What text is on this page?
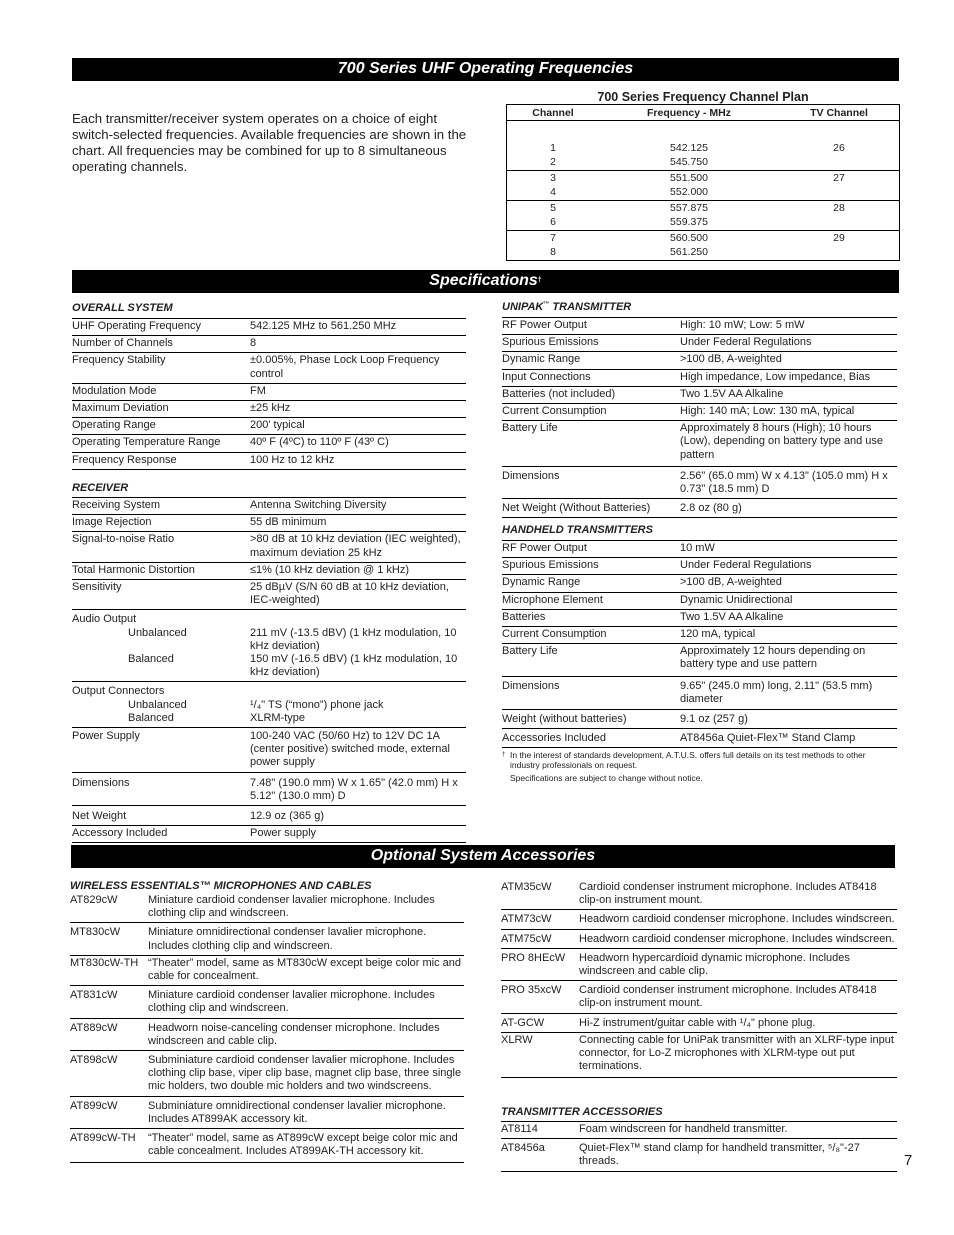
700 Series UHF Operating Frequencies
Each transmitter/receiver system operates on a choice of eight switch-selected frequencies. Available frequencies are shown in the chart. All frequencies may be combined for up to 8 simultaneous operating channels.
700 Series Frequency Channel Plan
Channel	Frequency - MHz	TV Channel

1	542.125	26
2	545.750	
3	551.500	27
4	552.000	
5	557.875	28
6	559.375	
7	560.500	29
8	561.250	
Specifications†
OVERALL SYSTEM
UHF Operating Frequency	542.125 MHz to 561.250 MHz
Number of Channels	8
Frequency Stability	±0.005%, Phase Lock Loop Frequency control
Modulation Mode	FM
Maximum Deviation	±25 kHz
Operating Range	200' typical
Operating Temperature Range	40º F (4ºC) to 110º F (43º C)
Frequency Response	100 Hz to 12 kHz
RECEIVER
Receiving System	Antenna Switching Diversity
Image Rejection	55 dB minimum
Signal-to-noise Ratio	>80 dB at 10 kHz deviation (IEC weighted), maximum deviation 25 kHz
Total Harmonic Distortion	≤1% (10 kHz deviation @ 1 kHz)
Sensitivity	25 dBµV (S/N 60 dB at 10 kHz deviation, IEC-weighted)
Audio Output
Unbalanced	211 mV (-13.5 dBV) (1 kHz modulation, 10 kHz deviation)
Balanced	150 mV (-16.5 dBV) (1 kHz modulation, 10 kHz deviation)
Output Connectors
Unbalanced	¹/₄" TS (“mono”) phone jack
Balanced	XLRM-type
Power Supply	100-240 VAC (50/60 Hz) to 12V DC 1A (center positive) switched mode, external power supply
Dimensions	7.48" (190.0 mm) W x 1.65" (42.0 mm) H x 5.12" (130.0 mm) D
Net Weight	12.9 oz (365 g)
Accessory Included	Power supply
UNIPAK™ TRANSMITTER
RF Power Output	High: 10 mW; Low: 5 mW
Spurious Emissions	Under Federal Regulations
Dynamic Range	>100 dB, A-weighted
Input Connections	High impedance, Low impedance, Bias
Batteries (not included)	Two 1.5V AA Alkaline
Current Consumption	High: 140 mA; Low: 130 mA, typical
Battery Life	Approximately 8 hours (High); 10 hours (Low), depending on battery type and use pattern
Dimensions	2.56" (65.0 mm) W x 4.13" (105.0 mm) H x 0.73" (18.5 mm) D
Net Weight (Without Batteries)	2.8 oz (80 g)
HANDHELD TRANSMITTERS
RF Power Output	10 mW
Spurious Emissions	Under Federal Regulations
Dynamic Range	>100 dB, A-weighted
Microphone Element	Dynamic Unidirectional
Batteries	Two 1.5V AA Alkaline
Current Consumption	120 mA, typical
Battery Life	Approximately 12 hours depending on battery type and use pattern
Dimensions	9.65" (245.0 mm) long, 2.11" (53.5 mm) diameter
Weight (without batteries)	9.1 oz (257 g)
Accessories Included	AT8456a Quiet-Flex™ Stand Clamp
† In the interest of standards development, A.T.U.S. offers full details on its test methods to other industry professionals on request.
Specifications are subject to change without notice.
Optional System Accessories
WIRELESS ESSENTIALS™ MICROPHONES AND CABLES
AT829cW	Miniature cardioid condenser lavalier microphone. Includes clothing clip and windscreen.
MT830cW	Miniature omnidirectional condenser lavalier microphone. Includes clothing clip and windscreen.
MT830cW-TH “Theater” model, same as MT830cW except beige color mic and cable for concealment.
AT831cW	Miniature cardioid condenser lavalier microphone. Includes clothing clip and windscreen.
AT889cW	Headworn noise-canceling condenser microphone. Includes windscreen and cable clip.
AT898cW	Subminiature cardioid condenser lavalier microphone. Includes clothing clip base, viper clip base, magnet clip base, three single mic holders, two double mic holders and two windscreens.
AT899cW	Subminiature omnidirectional condenser lavalier microphone. Includes AT899AK accessory kit.
AT899cW-TH	“Theater” model, same as AT899cW except beige color mic and cable concealment. Includes AT899AK-TH accessory kit.
ATM35cW	Cardioid condenser instrument microphone. Includes AT8418 clip-on instrument mount.
ATM73cW	Headworn cardioid condenser microphone. Includes windscreen.
ATM75cW	Headworn cardioid condenser microphone. Includes windscreen.
PRO 8HEcW	Headworn hypercardioid dynamic microphone. Includes windscreen and cable clip.
PRO 35xcW	Cardioid condenser instrument microphone. Includes AT8418 clip-on instrument mount.
AT-GCW	Hi-Z instrument/guitar cable with ¹/₄" phone plug.
XLRW	Connecting cable for UniPak transmitter with an XLRF-type input connector, for Lo-Z microphones with XLRM-type out put terminations.
TRANSMITTER ACCESSORIES
AT8114	Foam windscreen for handheld transmitter.
AT8456a	Quiet-Flex™ stand clamp for handheld transmitter, ⁵/₈"-27 threads.	7
